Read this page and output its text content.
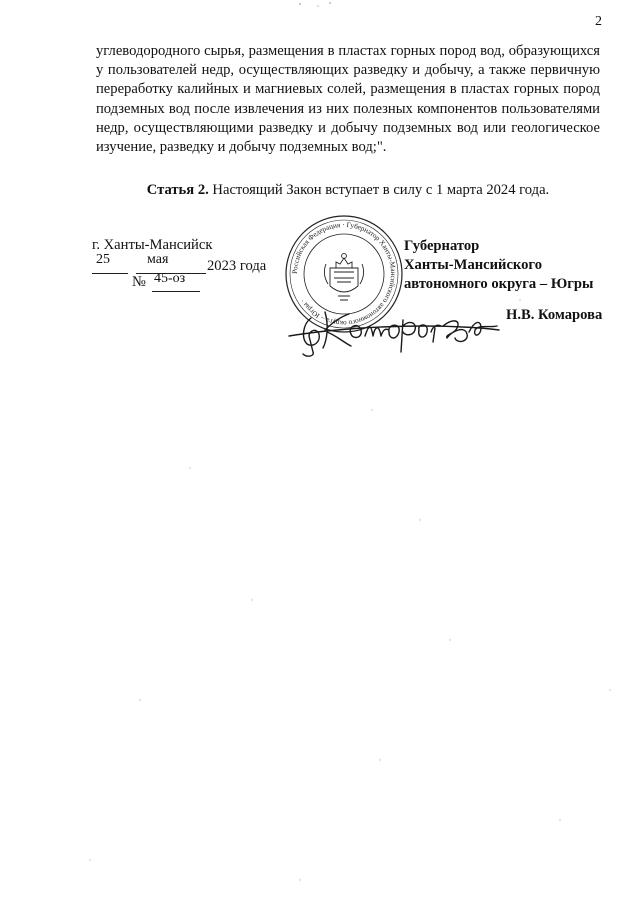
2

углеводородного сырья, размещения в пластах горных пород вод, образующихся у пользователей недр, осуществляющих разведку и добычу, а также первичную переработку калийных и магниевых солей, размещения в пластах горных пород подземных вод после извлечения из них полезных компонентов пользователями недр, осуществляющими разведку и добычу подземных вод или геологическое изучение, разведку и добычу подземных вод;".

Статья 2. Настоящий Закон вступает в силу с 1 марта 2024 года.
г. Ханты-Мансийск
25	мая	2023 года
№ 45-оз	Российская Федерация · Губернатор Ханты-Мансийского автономного округа – Югры ·
Губернатор
Ханты-Мансийского
автономного округа – Югры
Н.В. Комарова
